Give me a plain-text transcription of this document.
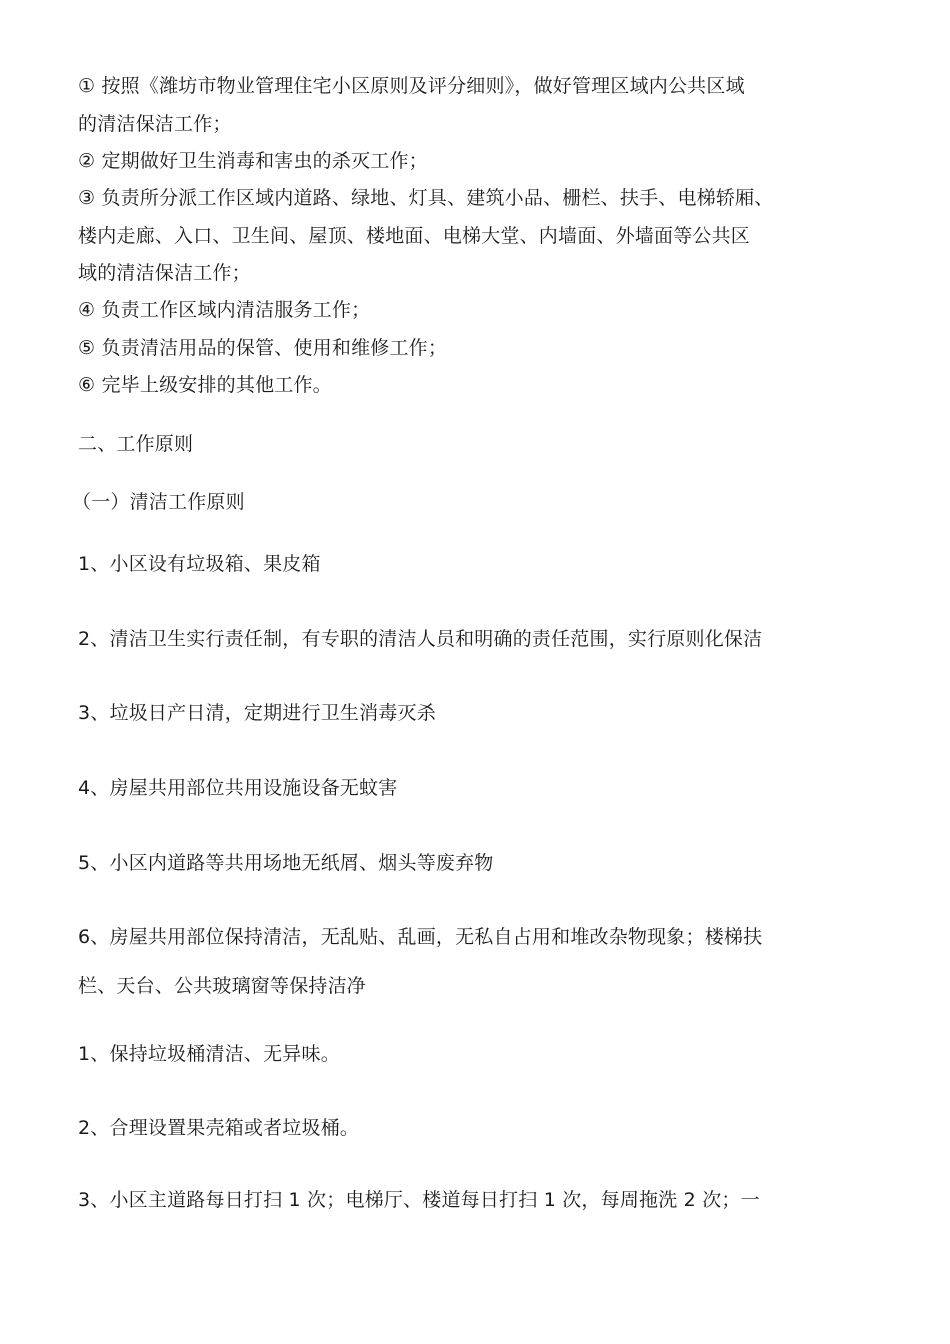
① 按照《潍坊市物业管理住宅小区原则及评分细则》，做好管理区域内公共区域
的清洁保洁工作；
② 定期做好卫生消毒和害虫的杀灭工作；
③ 负责所分派工作区域内道路、绿地、灯具、建筑小品、栅栏、扶手、电梯轿厢、
楼内走廊、入口、卫生间、屋顶、楼地面、电梯大堂、内墙面、外墙面等公共区
域的清洁保洁工作；
④ 负责工作区域内清洁服务工作；
⑤ 负责清洁用品的保管、使用和维修工作；
⑥ 完毕上级安排的其他工作。
二、工作原则
（一）清洁工作原则
1、小区设有垃圾箱、果皮箱
2、清洁卫生实行责任制，有专职的清洁人员和明确的责任范围，实行原则化保洁
3、垃圾日产日清，定期进行卫生消毒灭杀
4、房屋共用部位共用设施设备无蚊害
5、小区内道路等共用场地无纸屑、烟头等废弃物
6、房屋共用部位保持清洁，无乱贴、乱画，无私自占用和堆改杂物现象；楼梯扶
栏、天台、公共玻璃窗等保持洁净
1、保持垃圾桶清洁、无异味。
2、合理设置果壳箱或者垃圾桶。
3、小区主道路每日打扫 1 次；电梯厅、楼道每日打扫 1 次，每周拖洗 2 次；一
